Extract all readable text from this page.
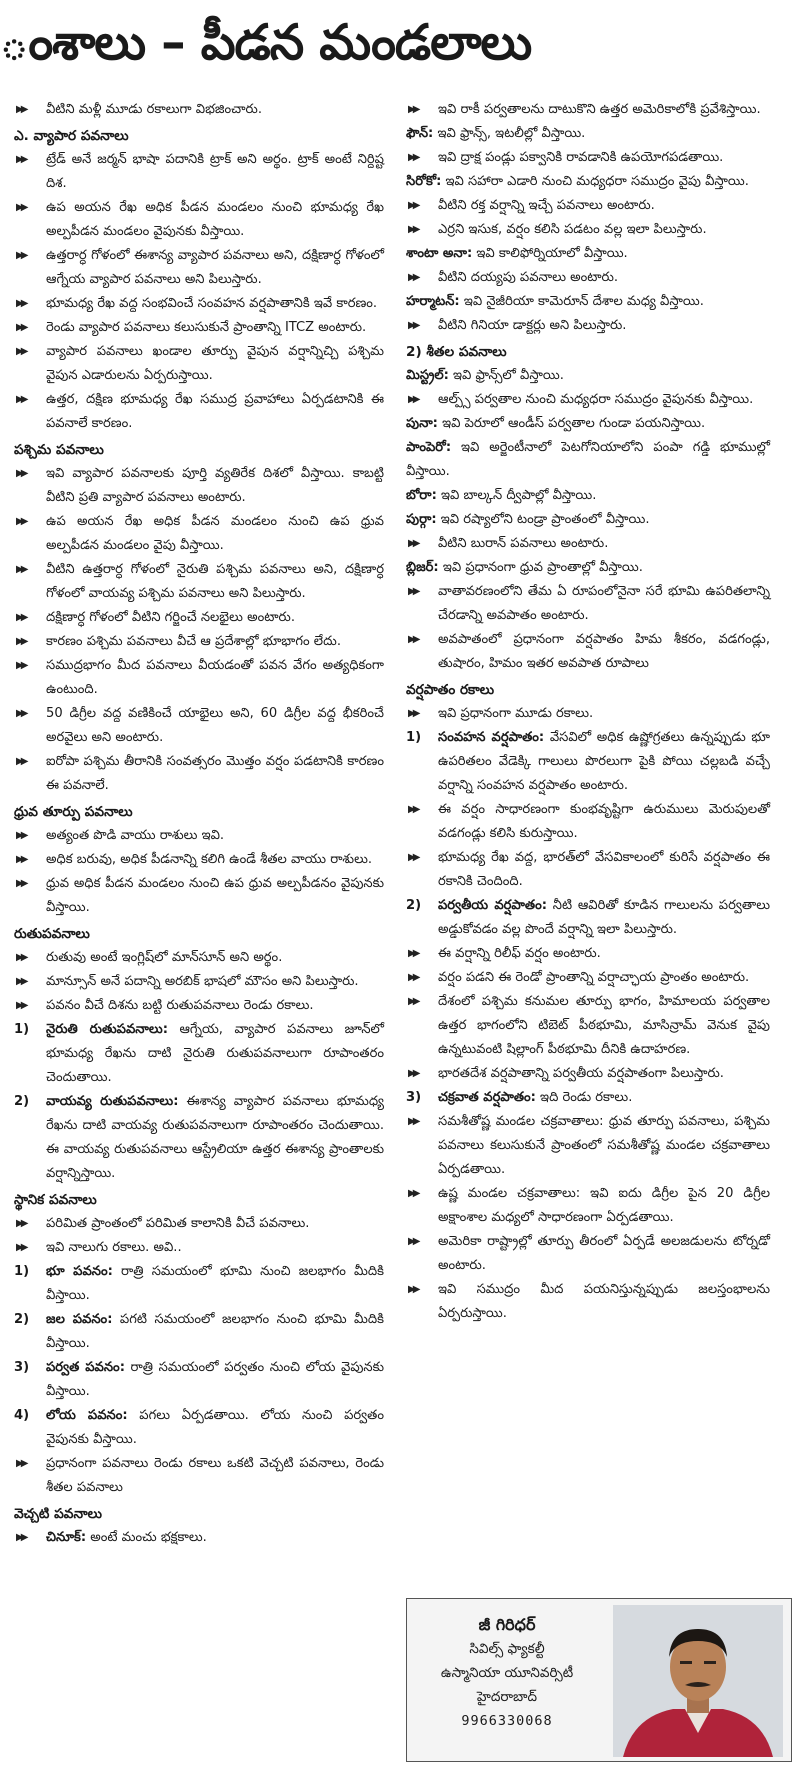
ంశాలు – పీడన మండలాలు

▶▶ వీటిని మళ్లీ మూడు రకాలుగా విభజించారు.

ఎ. వ్యాపార పవనాలు

▶▶ ట్రేడ్ అనే జర్మన్ భాషా పదానికి ట్రాక్ అని అర్థం. ట్రాక్ అంటే నిర్దిష్ట దిశ.

▶▶ ఉప అయన రేఖ అధిక పీడన మండలం నుంచి భూమధ్య రేఖ అల్పపీడన మండలం వైపునకు వీస్తాయి.

▶▶ ఉత్తరార్ధ గోళంలో ఈశాన్య వ్యాపార పవనాలు అని, దక్షిణార్ధ గోళంలో ఆగ్నేయ వ్యాపార పవనాలు అని పిలుస్తారు.

▶▶ భూమధ్య రేఖ వద్ద సంభవించే సంవహన వర్షపాతానికి ఇవే కారణం.

▶▶ రెండు వ్యాపార పవనాలు కలుసుకునే ప్రాంతాన్ని ITCZ అంటారు.

▶▶ వ్యాపార పవనాలు ఖండాల తూర్పు వైపున వర్షాన్నిచ్చి పశ్చిమ వైపున ఎడారులను ఏర్పరుస్తాయి.

▶▶ ఉత్తర, దక్షిణ భూమధ్య రేఖ సముద్ర ప్రవాహాలు ఏర్పడటానికి ఈ పవనాలే కారణం.

పశ్చిమ పవనాలు

▶▶ ఇవి వ్యాపార పవనాలకు పూర్తి వ్యతిరేక దిశలో వీస్తాయి. కాబట్టి వీటిని ప్రతి వ్యాపార పవనాలు అంటారు.

▶▶ ఉప అయన రేఖ అధిక పీడన మండలం నుంచి ఉప ధ్రువ అల్పపీడన మండలం వైపు వీస్తాయి.

▶▶ వీటిని ఉత్తరార్ధ గోళంలో నైరుతి పశ్చిమ పవనాలు అని, దక్షిణార్ధ గోళంలో వాయవ్య పశ్చిమ పవనాలు అని పిలుస్తారు.

▶▶ దక్షిణార్ధ గోళంలో వీటిని గర్జించే నలభైలు అంటారు.

▶▶ కారణం పశ్చిమ పవనాలు వీచే ఆ ప్రదేశాల్లో భూభాగం లేదు.

▶▶ సముద్రభాగం మీద పవనాలు వీయడంతో పవన వేగం అత్యధికంగా ఉంటుంది.

▶▶ 50 డిగ్రీల వద్ద వణికించే యాభైలు అని, 60 డిగ్రీల వద్ద భీకరించే అరవైలు అని అంటారు.

▶▶ ఐరోపా పశ్చిమ తీరానికి సంవత్సరం మొత్తం వర్షం పడటానికి కారణం ఈ పవనాలే.

ధ్రువ తూర్పు పవనాలు

▶▶ అత్యంత పొడి వాయు రాశులు ఇవి.

▶▶ అధిక బరువు, అధిక పీడనాన్ని కలిగి ఉండే శీతల వాయు రాశులు.

▶▶ ధ్రువ అధిక పీడన మండలం నుంచి ఉప ధ్రువ అల్పపీడనం వైపునకు వీస్తాయి.

రుతుపవనాలు

▶▶ రుతువు అంటే ఇంగ్లిష్‌లో మాన్‌సూన్ అని అర్థం.

▶▶ మాన్సూన్ అనే పదాన్ని అరబిక్ భాషలో మౌసం అని పిలుస్తారు.

▶▶ పవనం వీచే దిశను బట్టి రుతుపవనాలు రెండు రకాలు.

1) నైరుతి రుతుపవనాలు: ఆగ్నేయ, వ్యాపార పవనాలు జూన్‌లో భూమధ్య రేఖను దాటి నైరుతి రుతుపవనాలుగా రూపాంతరం చెందుతాయి.

2) వాయవ్య రుతుపవనాలు: ఈశాన్య వ్యాపార పవనాలు భూమధ్య రేఖను దాటి వాయవ్య రుతుపవనాలుగా రూపాంతరం చెందుతాయి. ఈ వాయవ్య రుతుపవనాలు ఆస్ట్రేలియా ఉత్తర ఈశాన్య ప్రాంతాలకు వర్షాన్నిస్తాయి.

స్థానిక పవనాలు

▶▶ పరిమిత ప్రాంతంలో పరిమిత కాలానికి వీచే పవనాలు.

▶▶ ఇవి నాలుగు రకాలు. అవి..

1) భూ పవనం: రాత్రి సమయంలో భూమి నుంచి జలభాగం మీదికి వీస్తాయి.

2) జల పవనం: పగటి సమయంలో జలభాగం నుంచి భూమి మీదికి వీస్తాయి.

3) పర్వత పవనం: రాత్రి సమయంలో పర్వతం నుంచి లోయ వైపునకు వీస్తాయి.

4) లోయ పవనం: పగలు ఏర్పడతాయి. లోయ నుంచి పర్వతం వైపునకు వీస్తాయి.

▶▶ ప్రధానంగా పవనాలు రెండు రకాలు ఒకటి వెచ్చటి పవనాలు, రెండు శీతల పవనాలు

వెచ్చటి పవనాలు

▶▶ చినూక్: అంటే మంచు భక్షకాలు.

▶▶ ఇవి రాకీ పర్వతాలను దాటుకొని ఉత్తర అమెరికాలోకి ప్రవేశిస్తాయి.

ఫౌన్: ఇవి ఫ్రాన్స్, ఇటలీల్లో వీస్తాయి.

▶▶ ఇవి ద్రాక్ష పండ్లు పక్వానికి రావడానికి ఉపయోగపడతాయి.

సిరోకో: ఇవి సహారా ఎడారి నుంచి మధ్యధరా సముద్రం వైపు వీస్తాయి.

▶▶ వీటిని రక్త వర్షాన్ని ఇచ్చే పవనాలు అంటారు.

▶▶ ఎర్రని ఇసుక, వర్షం కలిసి పడటం వల్ల ఇలా పిలుస్తారు.

శాంటా అనా: ఇవి కాలిఫోర్నియాలో వీస్తాయి.

▶▶ వీటిని దయ్యపు పవనాలు అంటారు.

హర్మాటన్: ఇవి నైజీరియా కామెరూన్ దేశాల మధ్య వీస్తాయి.

▶▶ వీటిని గినియా డాక్టర్లు అని పిలుస్తారు.

2) శీతల పవనాలు

మిస్ట్రల్: ఇవి ఫ్రాన్స్‌లో వీస్తాయి.

▶▶ ఆల్ప్స్ పర్వతాల నుంచి మధ్యధరా సముద్రం వైపునకు వీస్తాయి.

పునా: ఇవి పెరూలో ఆండీస్ పర్వతాల గుండా పయనిస్తాయి.

పాంపెరో: ఇవి అర్జెంటీనాలో పెటగోనియాలోని పంపా గడ్డి భూముల్లో వీస్తాయి.

బోరా: ఇవి బాల్కన్ ద్వీపాల్లో వీస్తాయి.

పుర్గా: ఇవి రష్యాలోని టండ్రా ప్రాంతంలో వీస్తాయి.

▶▶ వీటిని బురాన్ పవనాలు అంటారు.

బ్లిజర్: ఇవి ప్రధానంగా ధ్రువ ప్రాంతాల్లో వీస్తాయి.

▶▶ వాతావరణంలోని తేమ ఏ రూపంలోనైనా సరే భూమి ఉపరితలాన్ని చేరడాన్ని అవపాతం అంటారు.

▶▶ అవపాతంలో ప్రధానంగా వర్షపాతం హిమ శీకరం, వడగండ్లు, తుషారం, హిమం ఇతర అవపాత రూపాలు

వర్షపాతం రకాలు

▶▶ ఇవి ప్రధానంగా మూడు రకాలు.

1) సంవహన వర్షపాతం: వేసవిలో అధిక ఉష్ణోగ్రతలు ఉన్నప్పుడు భూ ఉపరితలం వేడెక్కి గాలులు పొరలుగా పైకి పోయి చల్లబడి వచ్చే వర్షాన్ని సంవహన వర్షపాతం అంటారు.

▶▶ ఈ వర్షం సాధారణంగా కుంభవృష్టిగా ఉరుములు మెరుపులతో వడగండ్లు కలిసి కురుస్తాయి.

▶▶ భూమధ్య రేఖ వద్ద, భారత్‌లో వేసవికాలంలో కురిసే వర్షపాతం ఈ రకానికి చెందింది.

2) పర్వతీయ వర్షపాతం: నీటి ఆవిరితో కూడిన గాలులను పర్వతాలు అడ్డుకోవడం వల్ల పొందే వర్షాన్ని ఇలా పిలుస్తారు.

▶▶ ఈ వర్షాన్ని రిలీఫ్ వర్షం అంటారు.

▶▶ వర్షం పడని ఈ రెండో ప్రాంతాన్ని వర్షాచ్ఛాయ ప్రాంతం అంటారు.

▶▶ దేశంలో పశ్చిమ కనుమల తూర్పు భాగం, హిమాలయ పర్వతాల ఉత్తర భాగంలోని టిబెట్ పీఠభూమి, మాసిన్రామ్ వెనుక వైపు ఉన్నటువంటి షిల్లాంగ్ పీఠభూమి దీనికి ఉదాహరణ.

▶▶ భారతదేశ వర్షపాతాన్ని పర్వతీయ వర్షపాతంగా పిలుస్తారు.

3) చక్రవాత వర్షపాతం: ఇది రెండు రకాలు.

▶▶ సమశీతోష్ణ మండల చక్రవాతాలు: ధ్రువ తూర్పు పవనాలు, పశ్చిమ పవనాలు కలుసుకునే ప్రాంతంలో సమశీతోష్ణ మండల చక్రవాతాలు ఏర్పడతాయి.

▶▶ ఉష్ణ మండల చక్రవాతాలు: ఇవి ఐదు డిగ్రీల పైన 20 డిగ్రీల అక్షాంశాల మధ్యలో సాధారణంగా ఏర్పడతాయి.

▶▶ అమెరికా రాష్ట్రాల్లో తూర్పు తీరంలో ఏర్పడే అలజడులను టోర్నడో అంటారు.

▶▶ ఇవి సముద్రం మీద పయనిస్తున్నప్పుడు జలస్తంభాలను ఏర్పరుస్తాయి.

జీ గిరిధర్
సివిల్స్ ఫ్యాకల్టీ
ఉస్మానియా యూనివర్సిటీ
హైదరాబాద్
9966330068
